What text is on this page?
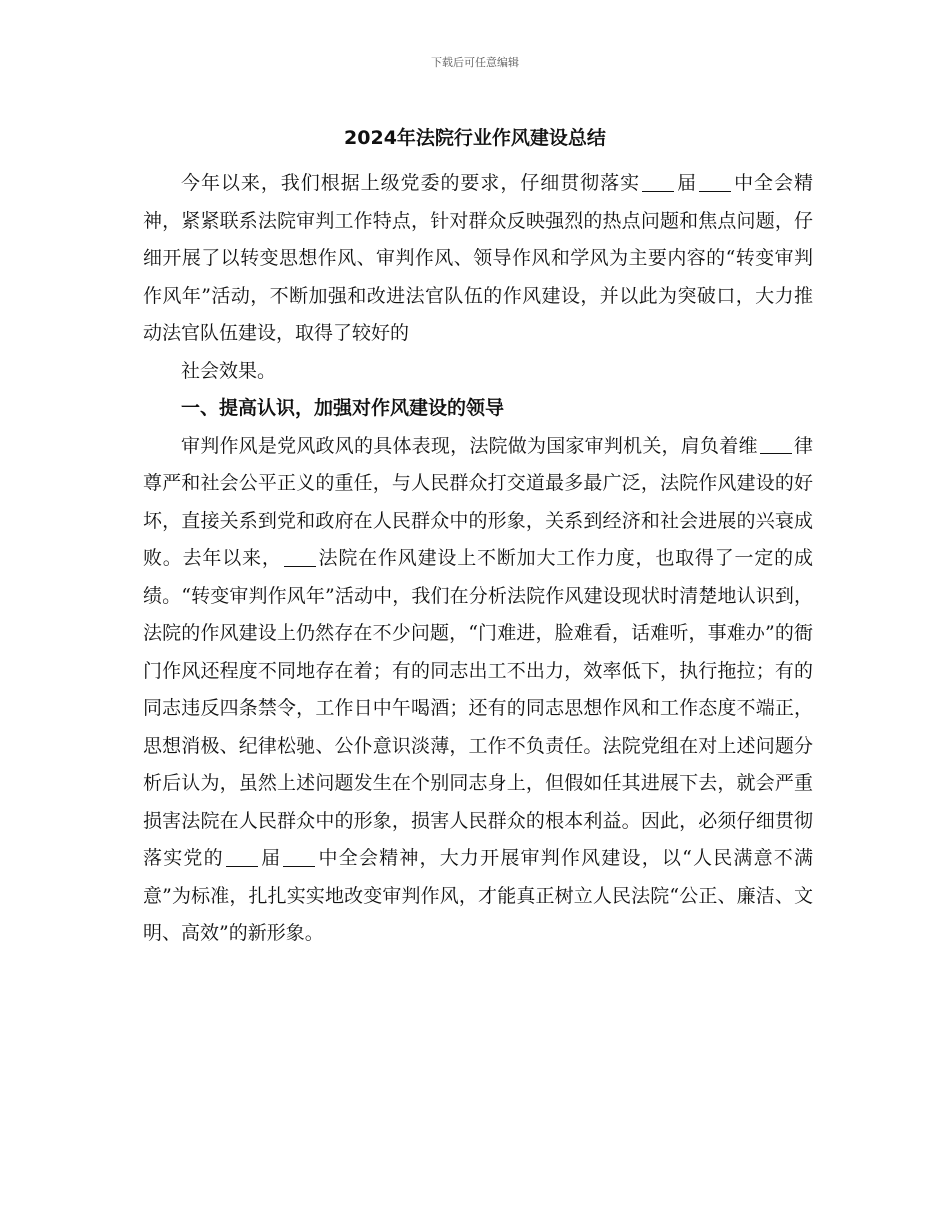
下载后可任意编辑
2024年法院行业作风建设总结

今年以来，我们根据上级党委的要求，仔细贯彻落实 届 中全会精神，紧紧联系法院审判工作特点，针对群众反映强烈的热点问题和焦点问题，仔细开展了以转变思想作风、审判作风、领导作风和学风为主要内容的“转变审判作风年”活动，不断加强和改进法官队伍的作风建设，并以此为突破口，大力推动法官队伍建设，取得了较好的

社会效果。

一、提高认识，加强对作风建设的领导

审判作风是党风政风的具体表现，法院做为国家审判机关，肩负着维 律尊严和社会公平正义的重任，与人民群众打交道最多最广泛，法院作风建设的好坏，直接关系到党和政府在人民群众中的形象，关系到经济和社会进展的兴衰成败。去年以来， 法院在作风建设上不断加大工作力度，也取得了一定的成绩。“转变审判作风年”活动中，我们在分析法院作风建设现状时清楚地认识到，法院的作风建设上仍然存在不少问题，“门难进，脸难看，话难听，事难办”的衙门作风还程度不同地存在着；有的同志出工不出力，效率低下，执行拖拉；有的同志违反四条禁令，工作日中午喝酒；还有的同志思想作风和工作态度不端正，思想消极、纪律松驰、公仆意识淡薄，工作不负责任。法院党组在对上述问题分析后认为，虽然上述问题发生在个别同志身上，但假如任其进展下去，就会严重损害法院在人民群众中的形象，损害人民群众的根本利益。因此，必须仔细贯彻落实党的 届 中全会精神，大力开展审判作风建设，以“人民满意不满意”为标准，扎扎实实地改变审判作风，才能真正树立人民法院“公正、廉洁、文明、高效”的新形象。
